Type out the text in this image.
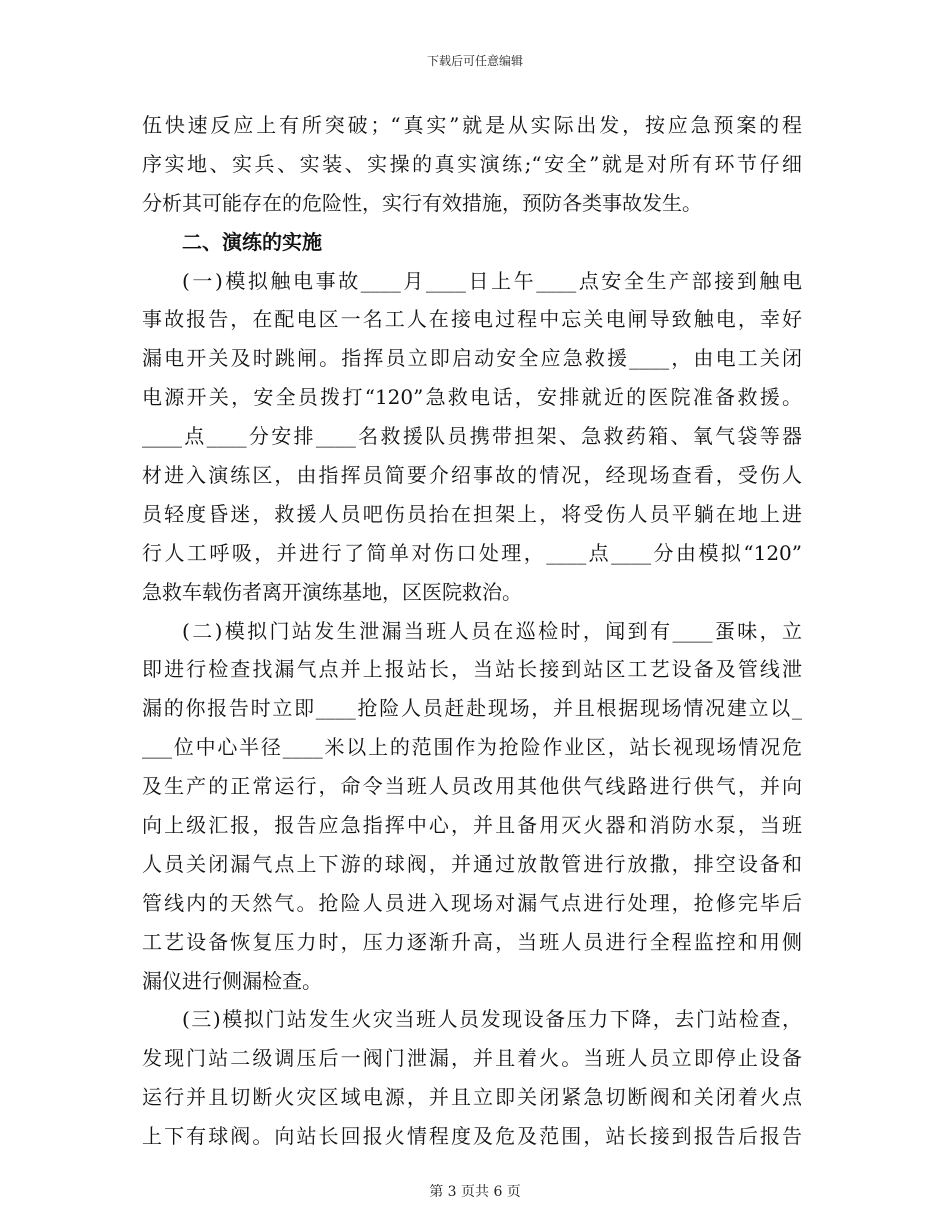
下载后可任意编辑
伍快速反应上有所突破；“真实”就是从实际出发，按应急预案的程
序实地、实兵、实装、实操的真实演练;“安全”就是对所有环节仔细
分析其可能存在的危险性，实行有效措施，预防各类事故发生。
二、演练的实施
(一)模拟触电事故____月____日上午____点安全生产部接到触电
事故报告，在配电区一名工人在接电过程中忘关电闸导致触电，幸好
漏电开关及时跳闸。指挥员立即启动安全应急救援____，由电工关闭
电源开关，安全员拨打“120”急救电话，安排就近的医院准备救援。
____点____分安排____名救援队员携带担架、急救药箱、氧气袋等器
材进入演练区，由指挥员简要介绍事故的情况，经现场查看，受伤人
员轻度昏迷，救援人员吧伤员抬在担架上，将受伤人员平躺在地上进
行人工呼吸，并进行了简单对伤口处理，____点____分由模拟“120”
急救车载伤者离开演练基地，区医院救治。
(二)模拟门站发生泄漏当班人员在巡检时，闻到有____蛋味，立
即进行检查找漏气点并上报站长，当站长接到站区工艺设备及管线泄
漏的你报告时立即____抢险人员赶赴现场，并且根据现场情况建立以_
___位中心半径____米以上的范围作为抢险作业区，站长视现场情况危
及生产的正常运行，命令当班人员改用其他供气线路进行供气，并向
向上级汇报，报告应急指挥中心，并且备用灭火器和消防水泵，当班
人员关闭漏气点上下游的球阀，并通过放散管进行放撒，排空设备和
管线内的天然气。抢险人员进入现场对漏气点进行处理，抢修完毕后
工艺设备恢复压力时，压力逐渐升高，当班人员进行全程监控和用侧
漏仪进行侧漏检查。
(三)模拟门站发生火灾当班人员发现设备压力下降，去门站检查，
发现门站二级调压后一阀门泄漏，并且着火。当班人员立即停止设备
运行并且切断火灾区域电源，并且立即关闭紧急切断阀和关闭着火点
上下有球阀。向站长回报火情程度及危及范围，站长接到报告后报告
第 3 页共 6 页
